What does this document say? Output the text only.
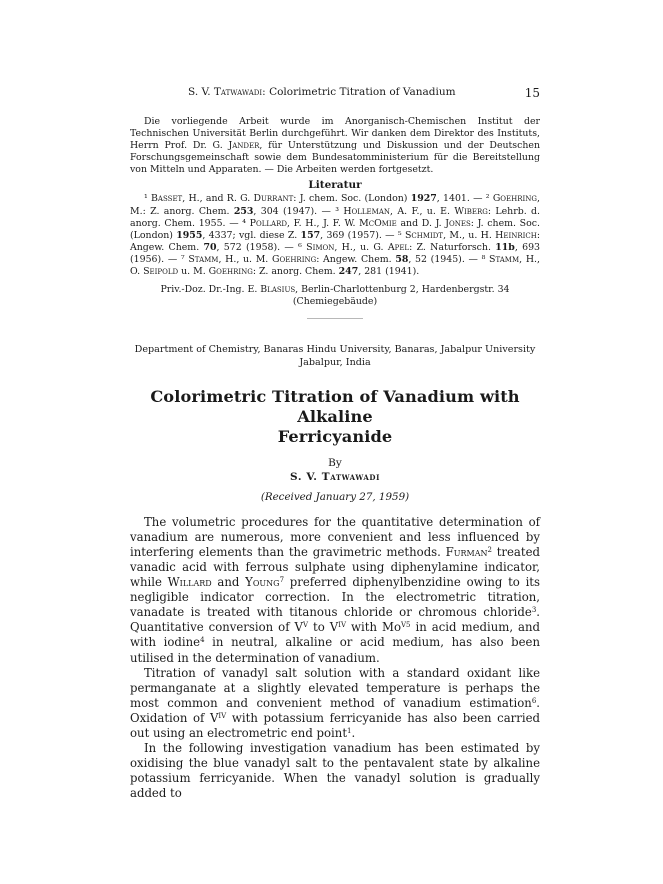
S. V. Tatwawadi: Colorimetric Titration of Vanadium	15

Die vorliegende Arbeit wurde im Anorganisch-Chemischen Institut der Technischen Universität Berlin durchgeführt. Wir danken dem Direktor des Instituts, Herrn Prof. Dr. G. Jander, für Unterstützung und Diskussion und der Deutschen Forschungsgemeinschaft sowie dem Bundesatomministerium für die Bereitstellung von Mitteln und Apparaten. — Die Arbeiten werden fortgesetzt.

Literatur

¹ Basset, H., and R. G. Durrant: J. chem. Soc. (London) 1927, 1401. — ² Goehring, M.: Z. anorg. Chem. 253, 304 (1947). — ³ Holleman, A. F., u. E. Wiberg: Lehrb. d. anorg. Chem. 1955. — ⁴ Pollard, F. H., J. F. W. McOmie and D. J. Jones: J. chem. Soc. (London) 1955, 4337; vgl. diese Z. 157, 369 (1957). — ⁵ Schmidt, M., u. H. Heinrich: Angew. Chem. 70, 572 (1958). — ⁶ Simon, H., u. G. Apel: Z. Naturforsch. 11b, 693 (1956). — ⁷ Stamm, H., u. M. Goehring: Angew. Chem. 58, 52 (1945). — ⁸ Stamm, H., O. Seipold u. M. Goehring: Z. anorg. Chem. 247, 281 (1941).

Priv.-Doz. Dr.-Ing. E. Blasius, Berlin-Charlottenburg 2, Hardenbergstr. 34
(Chemiegebäude)
Department of Chemistry, Banaras Hindu University, Banaras, Jabalpur University
Jabalpur, India
Colorimetric Titration of Vanadium with Alkaline
Ferricyanide
By
S. V. Tatwawadi
(Received January 27, 1959)

The volumetric procedures for the quantitative determination of vanadium are numerous, more convenient and less influenced by interfering elements than the gravimetric methods. Furman$^2$ treated vanadic acid with ferrous sulphate using diphenylamine indicator, while Willard and Young$^7$ preferred diphenylbenzidine owing to its negligible indicator correction. In the electrometric titration, vanadate is treated with titanous chloride or chromous chloride$^3$. Quantitative conversion of $V^V$ to $V^{IV}$ with $Mo^{V5}$ in acid medium, and with iodine$^4$ in neutral, alkaline or acid medium, has also been utilised in the determination of vanadium.

Titration of vanadyl salt solution with a standard oxidant like permanganate at a slightly elevated temperature is perhaps the most common and convenient method of vanadium estimation$^6$. Oxidation of $V^{IV}$ with potassium ferricyanide has also been carried out using an electrometric end point$^1$.

In the following investigation vanadium has been estimated by oxidising the blue vanadyl salt to the pentavalent state by alkaline potassium ferricyanide. When the vanadyl solution is gradually added to
